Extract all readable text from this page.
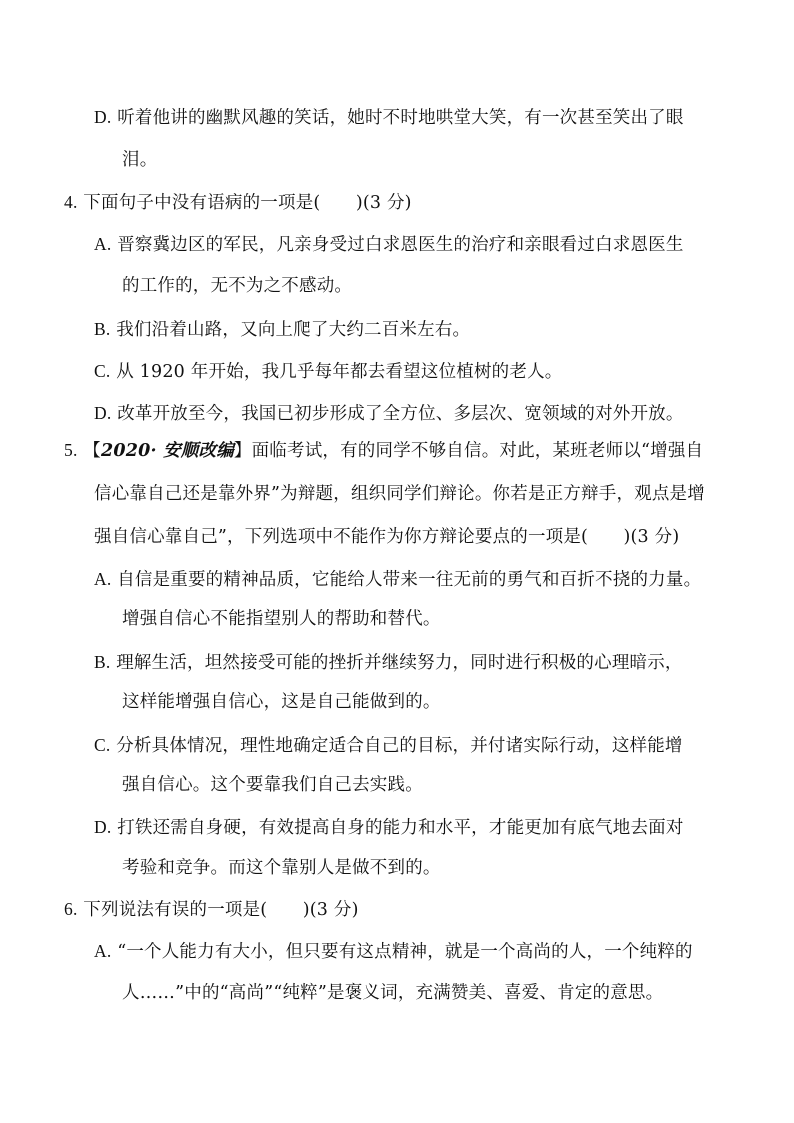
D. 听着他讲的幽默风趣的笑话，她时不时地哄堂大笑，有一次甚至笑出了眼
泪。
4. 下面句子中没有语病的一项是(　　)(3 分)
A. 晋察冀边区的军民，凡亲身受过白求恩医生的治疗和亲眼看过白求恩医生
的工作的，无不为之不感动。
B. 我们沿着山路，又向上爬了大约二百米左右。
C. 从 1920 年开始，我几乎每年都去看望这位植树的老人。
D. 改革开放至今，我国已初步形成了全方位、多层次、宽领域的对外开放。
5. 【2020· 安顺改编】面临考试，有的同学不够自信。对此，某班老师以“增强自
信心靠自己还是靠外界”为辩题，组织同学们辩论。你若是正方辩手，观点是增
强自信心靠自己”，下列选项中不能作为你方辩论要点的一项是(　　)(3 分)
A. 自信是重要的精神品质，它能给人带来一往无前的勇气和百折不挠的力量。
增强自信心不能指望别人的帮助和替代。
B. 理解生活，坦然接受可能的挫折并继续努力，同时进行积极的心理暗示，
这样能增强自信心，这是自己能做到的。
C. 分析具体情况，理性地确定适合自己的目标，并付诸实际行动，这样能增
强自信心。这个要靠我们自己去实践。
D. 打铁还需自身硬，有效提高自身的能力和水平，才能更加有底气地去面对
考验和竞争。而这个靠别人是做不到的。
6. 下列说法有误的一项是(　　)(3 分)
A. “一个人能力有大小，但只要有这点精神，就是一个高尚的人，一个纯粹的
人……”中的“高尚”“纯粹”是褒义词，充满赞美、喜爱、肯定的意思。
